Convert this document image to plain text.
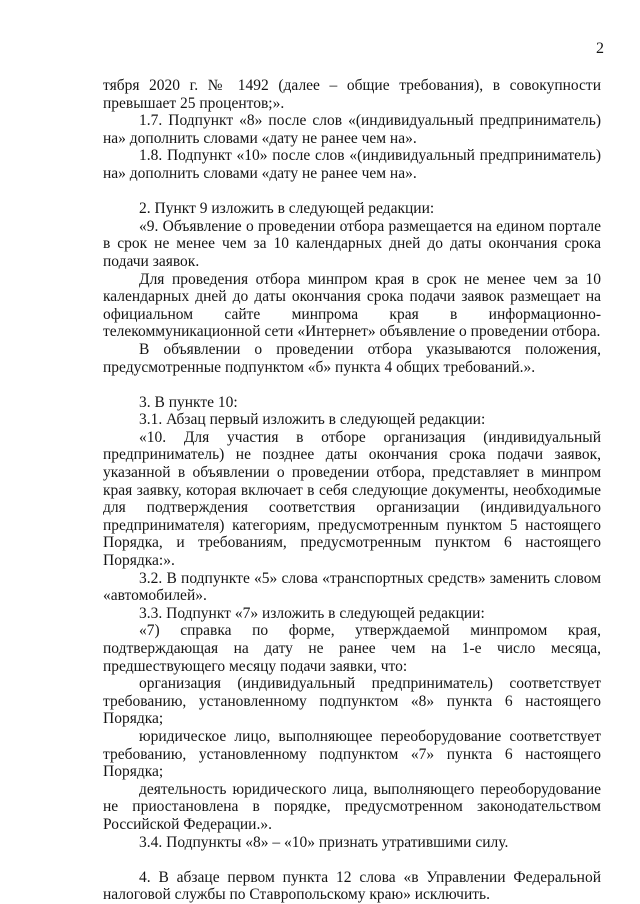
2

тября 2020 г. № 1492 (далее – общие требования), в совокупности превышает 25 процентов;».

1.7. Подпункт «8» после слов «(индивидуальный предприниматель) на» дополнить словами «дату не ранее чем на».

1.8. Подпункт «10» после слов «(индивидуальный предприниматель) на» дополнить словами «дату не ранее чем на».

2. Пункт 9 изложить в следующей редакции:

«9. Объявление о проведении отбора размещается на едином портале в срок не менее чем за 10 календарных дней до даты окончания срока подачи заявок.

Для проведения отбора минпром края в срок не менее чем за 10 календарных дней до даты окончания срока подачи заявок размещает на официальном сайте минпрома края в информационно-телекоммуникационной сети «Интернет» объявление о проведении отбора.

В объявлении о проведении отбора указываются положения, предусмотренные подпунктом «б» пункта 4 общих требований.».

3. В пункте 10:

3.1. Абзац первый изложить в следующей редакции:

«10. Для участия в отборе организация (индивидуальный предприниматель) не позднее даты окончания срока подачи заявок, указанной в объявлении о проведении отбора, представляет в минпром края заявку, которая включает в себя следующие документы, необходимые для подтверждения соответствия организации (индивидуального предпринимателя) категориям, предусмотренным пунктом 5 настоящего Порядка, и требованиям, предусмотренным пунктом 6 настоящего Порядка:».

3.2. В подпункте «5» слова «транспортных средств» заменить словом «автомобилей».

3.3. Подпункт «7» изложить в следующей редакции:

«7) справка по форме, утверждаемой минпромом края, подтверждающая на дату не ранее чем на 1-е число месяца, предшествующего месяцу подачи заявки, что:

организация (индивидуальный предприниматель) соответствует требованию, установленному подпунктом «8» пункта 6 настоящего Порядка;

юридическое лицо, выполняющее переоборудование соответствует требованию, установленному подпунктом «7» пункта 6 настоящего Порядка;

деятельность юридического лица, выполняющего переоборудование не приостановлена в порядке, предусмотренном законодательством Российской Федерации.».

3.4. Подпункты «8» – «10» признать утратившими силу.

4. В абзаце первом пункта 12 слова «в Управлении Федеральной налоговой службы по Ставропольскому краю» исключить.
